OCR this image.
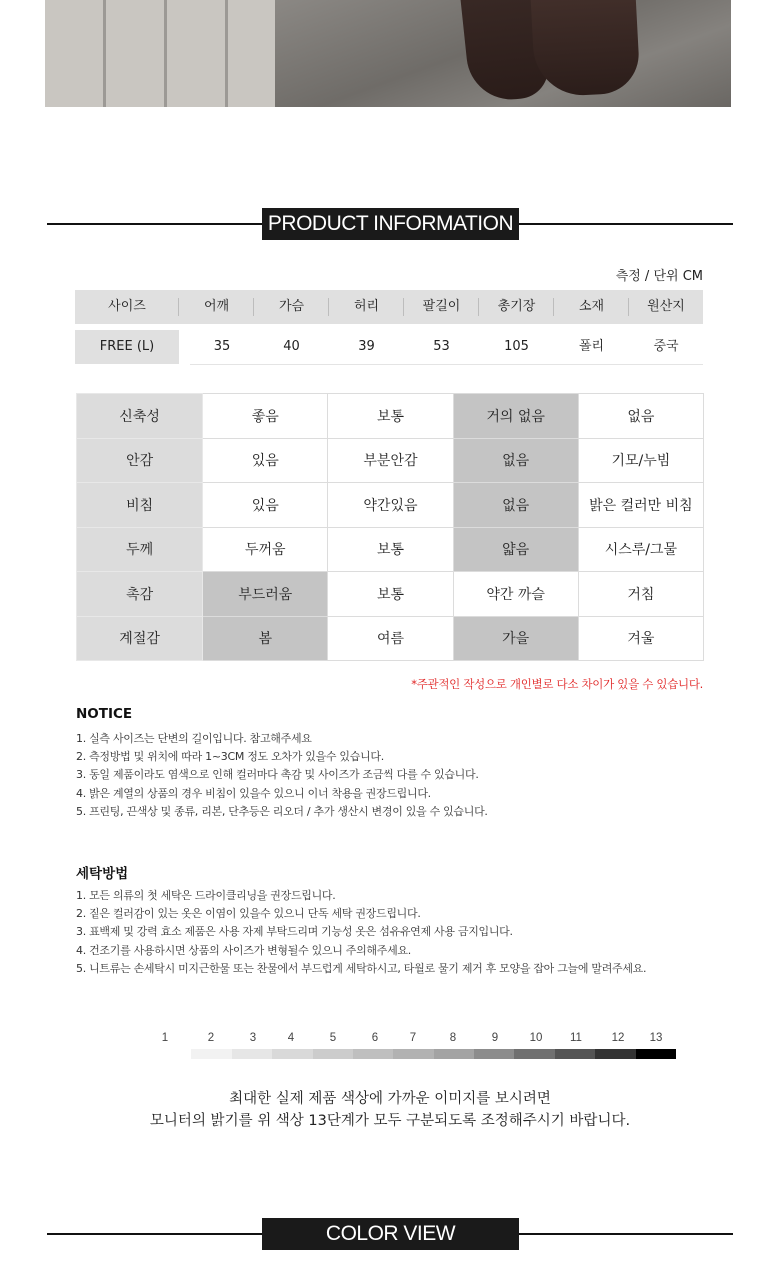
PRODUCT INFORMATION
측정 / 단위 CM
사이즈	어깨	가슴	허리	팔길이	총기장	소재	원산지
FREE (L)	35	40	39	53	105	폴리	중국
신축성	좋음	보통	거의 없음	없음
안감	있음	부분안감	없음	기모/누빔
비침	있음	약간있음	없음	밝은 컬러만 비침
두께	두꺼움	보통	얇음	시스루/그물
촉감	부드러움	보통	약간 까슬	거침
계절감	봄	여름	가을	겨울
*주관적인 작성으로 개인별로 다소 차이가 있을 수 있습니다.
NOTICE
1. 실측 사이즈는 단변의 길이입니다. 참고해주세요
2. 측정방법 및 위치에 따라 1~3CM 정도 오차가 있을수 있습니다.
3. 동일 제품이라도 염색으로 인해 컬러마다 촉감 및 사이즈가 조금씩 다를 수 있습니다.
4. 밝은 계열의 상품의 경우 비침이 있을수 있으니 이너 착용을 권장드립니다.
5. 프린팅, 끈색상 및 종류, 리본, 단추등은 리오더 / 추가 생산시 변경이 있을 수 있습니다.
세탁방법
1. 모든 의류의 첫 세탁은 드라이클리닝을 권장드립니다.
2. 짙은 컬러감이 있는 옷은 이염이 있을수 있으니 단독 세탁 권장드립니다.
3. 표백제 및 강력 효소 제품은 사용 자제 부탁드리며 기능성 옷은 섬유유연제 사용 금지입니다.
4. 건조기를 사용하시면 상품의 사이즈가 변형될수 있으니 주의해주세요.
5. 니트류는 손세탁시 미지근한물 또는 찬물에서 부드럽게 세탁하시고, 타월로 물기 제거 후 모양을 잡아 그늘에 말려주세요.
1	2	3	4	5	6	7	8	9	10	11	12	13
최대한 실제 제품 색상에 가까운 이미지를 보시려면
모니터의 밝기를 위 색상 13단계가 모두 구분되도록 조정해주시기 바랍니다.
COLOR VIEW
